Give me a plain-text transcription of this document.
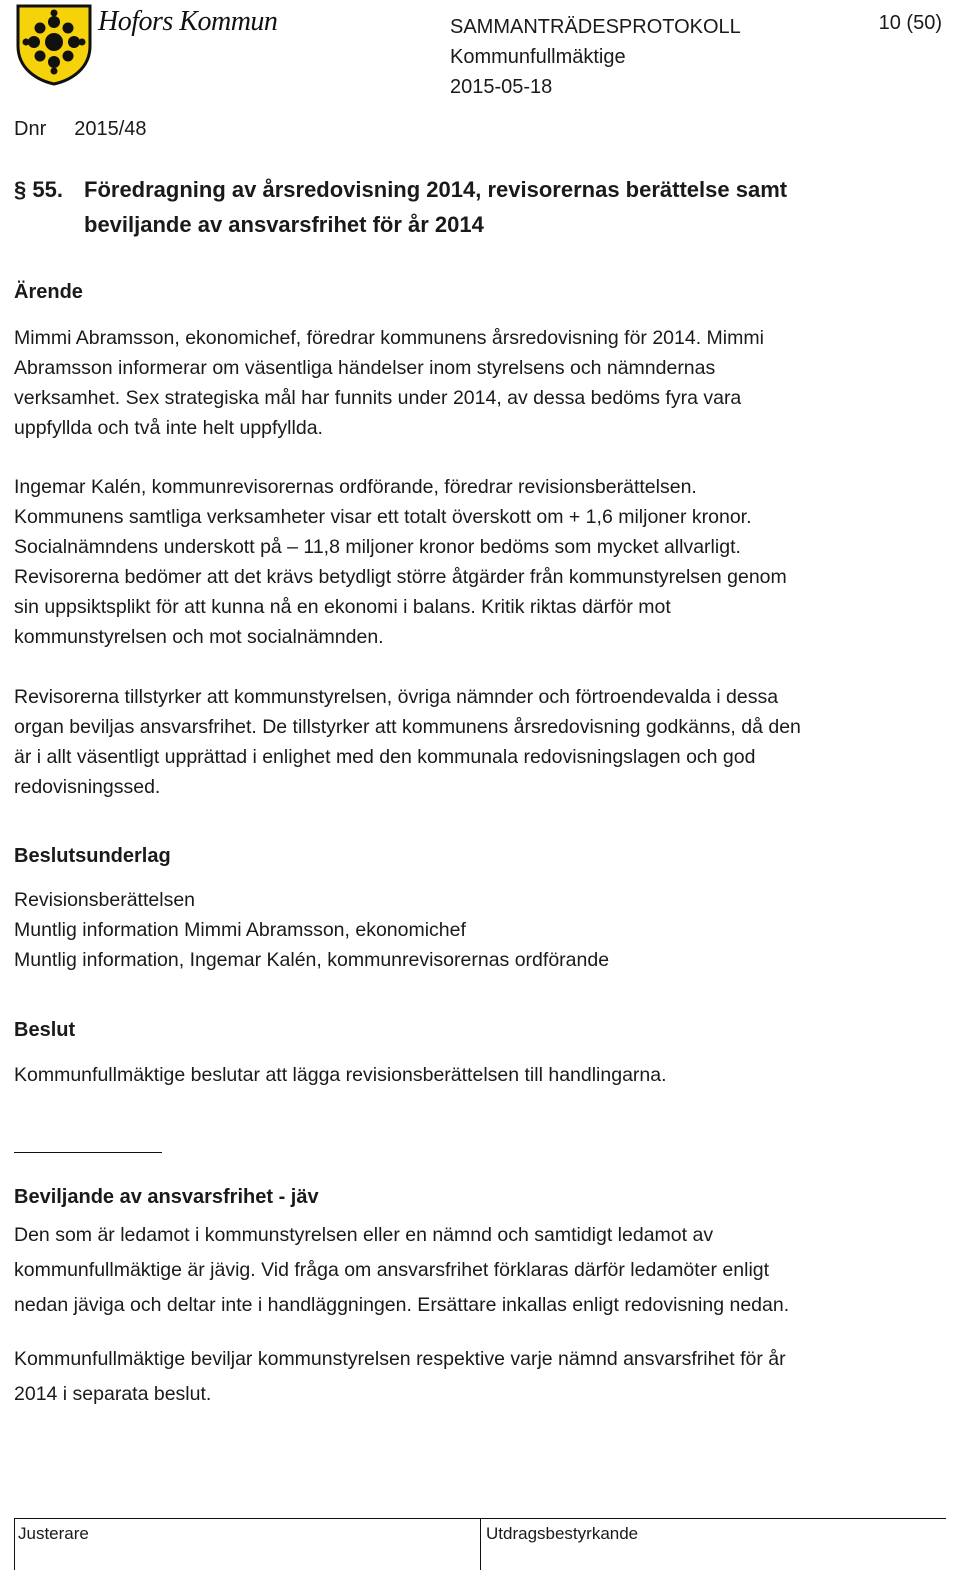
Hofors Kommun	SAMMANTRÄDESPROTOKOLL
Kommunfullmäktige
2015-05-18
10 (50)
Dnr 2015/48
§ 55. Föredragning av årsredovisning 2014, revisorernas berättelse samt
beviljande av ansvarsfrihet för år 2014
Ärende
Mimmi Abramsson, ekonomichef, föredrar kommunens årsredovisning för 2014. Mimmi
Abramsson informerar om väsentliga händelser inom styrelsens och nämndernas
verksamhet. Sex strategiska mål har funnits under 2014, av dessa bedöms fyra vara
uppfyllda och två inte helt uppfyllda.
Ingemar Kalén, kommunrevisorernas ordförande, föredrar revisionsberättelsen.
Kommunens samtliga verksamheter visar ett totalt överskott om + 1,6 miljoner kronor.
Socialnämndens underskott på – 11,8 miljoner kronor bedöms som mycket allvarligt.
Revisorerna bedömer att det krävs betydligt större åtgärder från kommunstyrelsen genom
sin uppsiktsplikt för att kunna nå en ekonomi i balans. Kritik riktas därför mot
kommunstyrelsen och mot socialnämnden.
Revisorerna tillstyrker att kommunstyrelsen, övriga nämnder och förtroendevalda i dessa
organ beviljas ansvarsfrihet. De tillstyrker att kommunens årsredovisning godkänns, då den
är i allt väsentligt upprättad i enlighet med den kommunala redovisningslagen och god
redovisningssed.
Beslutsunderlag
Revisionsberättelsen
Muntlig information Mimmi Abramsson, ekonomichef
Muntlig information, Ingemar Kalén, kommunrevisorernas ordförande
Beslut
Kommunfullmäktige beslutar att lägga revisionsberättelsen till handlingarna.
Beviljande av ansvarsfrihet - jäv
Den som är ledamot i kommunstyrelsen eller en nämnd och samtidigt ledamot av
kommunfullmäktige är jävig. Vid fråga om ansvarsfrihet förklaras därför ledamöter enligt
nedan jäviga och deltar inte i handläggningen. Ersättare inkallas enligt redovisning nedan.
Kommunfullmäktige beviljar kommunstyrelsen respektive varje nämnd ansvarsfrihet för år
2014 i separata beslut.
Justerare	Utdragsbestyrkande
